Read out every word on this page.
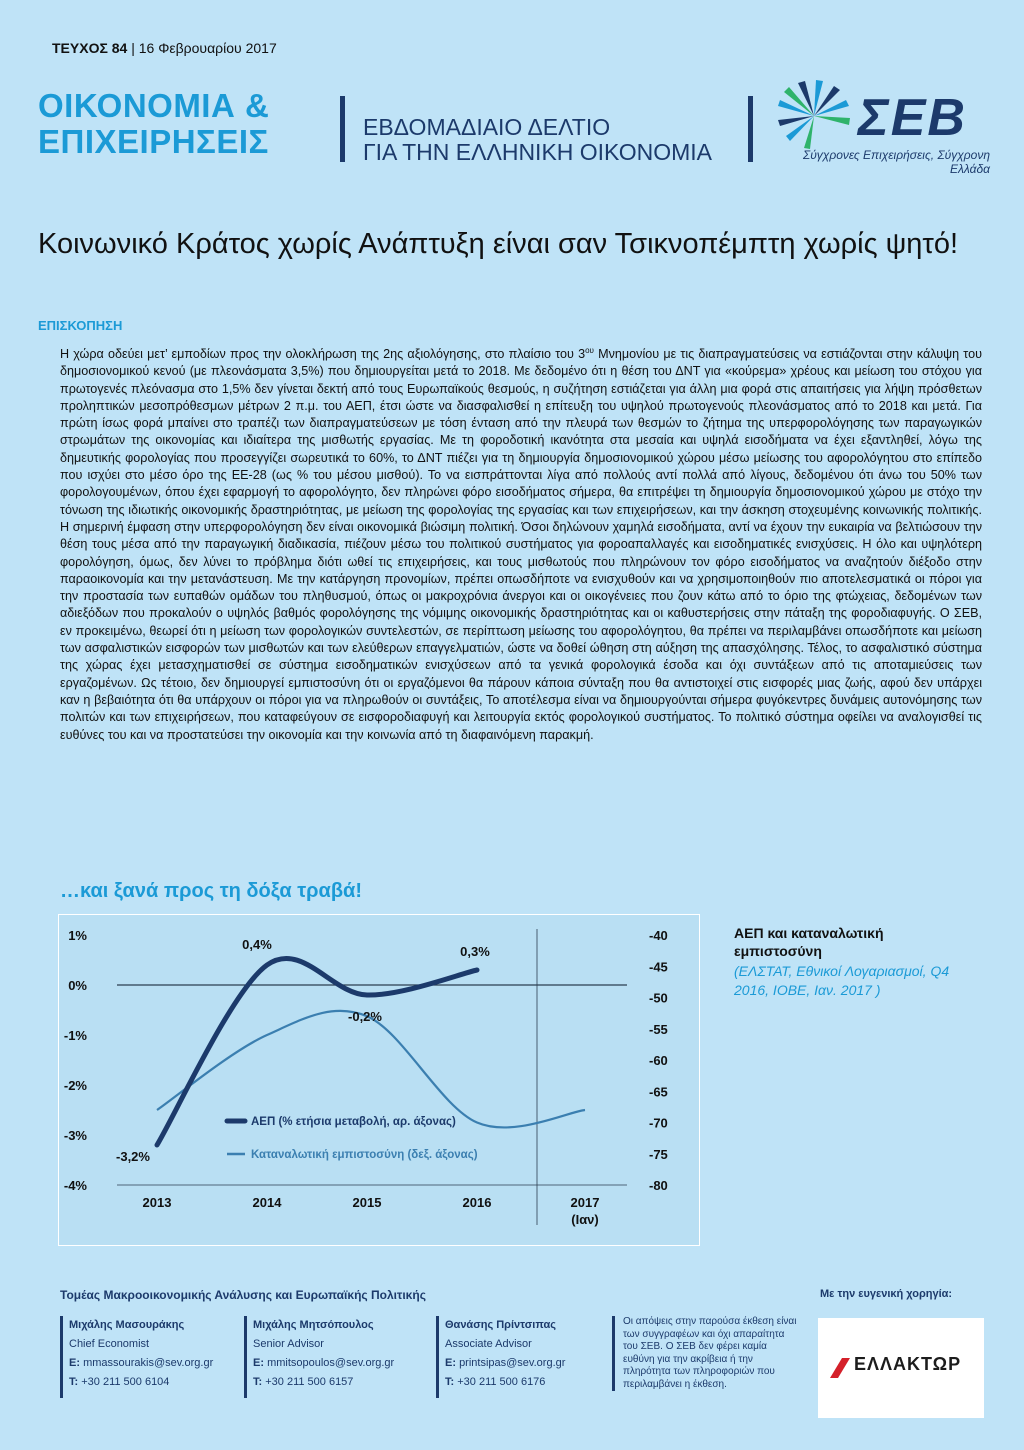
ΤΕΥΧΟΣ 84 | 16 Φεβρουαρίου 2017
ΟΙΚΟΝΟΜΙΑ &
ΕΠΙΧΕΙΡΗΣΕΙΣ	ΕΒΔΟΜΑΔΙΑΙΟ ΔΕΛΤΙΟ
ΓΙΑ ΤΗΝ ΕΛΛΗΝΙΚΗ ΟΙΚΟΝΟΜΙΑ
ΣΕΒ
Σύγχρονες Επιχειρήσεις, Σύγχρονη Ελλάδα
Κοινωνικό Κράτος χωρίς Ανάπτυξη είναι σαν Τσικνοπέμπτη χωρίς ψητό!
ΕΠΙΣΚΟΠΗΣΗ
Η χώρα οδεύει μετ’ εμποδίων προς την ολοκλήρωση της 2ης αξιολόγησης, στο πλαίσιο του $3^{o\upsilon}$ Μνημονίου με τις διαπραγματεύσεις να εστιάζονται στην κάλυψη του δημοσιονομικού κενού (με πλεονάσματα 3,5%) που δημιουργείται μετά το 2018. Με δεδομένο ότι η θέση του ΔΝΤ για «κούρεμα» χρέους και μείωση του στόχου για πρωτογενές πλεόνασμα στο 1,5% δεν γίνεται δεκτή από τους Ευρωπαϊκούς θεσμούς, η συζήτηση εστιάζεται για άλλη μια φορά στις απαιτήσεις για λήψη πρόσθετων προληπτικών μεσοπρόθεσμων μέτρων 2 π.μ. του ΑΕΠ, έτσι ώστε να διασφαλισθεί η επίτευξη του υψηλού πρωτογενούς πλεονάσματος από το 2018 και μετά. Για πρώτη ίσως φορά μπαίνει στο τραπέζι των διαπραγματεύσεων με τόση ένταση από την πλευρά των θεσμών το ζήτημα της υπερφορολόγησης των παραγωγικών στρωμάτων της οικονομίας και ιδιαίτερα της μισθωτής εργασίας. Με τη φοροδοτική ικανότητα στα μεσαία και υψηλά εισοδήματα να έχει εξαντληθεί, λόγω της δημευτικής φορολογίας που προσεγγίζει σωρευτικά το 60%, το ΔΝΤ πιέζει για τη δημιουργία δημοσιονομικού χώρου μέσω μείωσης του αφορολόγητου στο επίπεδο που ισχύει στο μέσο όρο της ΕΕ-28 (ως % του μέσου μισθού). Το να εισπράττονται λίγα από πολλούς αντί πολλά από λίγους, δεδομένου ότι άνω του 50% των φορολογουμένων, όπου έχει εφαρμογή το αφορολόγητο, δεν πληρώνει φόρο εισοδήματος σήμερα, θα επιτρέψει τη δημιουργία δημοσιονομικού χώρου με στόχο την τόνωση της ιδιωτικής οικονομικής δραστηριότητας, με μείωση της φορολογίας της εργασίας και των επιχειρήσεων, και την άσκηση στοχευμένης κοινωνικής πολιτικής. Η σημερινή έμφαση στην υπερφορολόγηση δεν είναι οικονομικά βιώσιμη πολιτική. Όσοι δηλώνουν χαμηλά εισοδήματα, αντί να έχουν την ευκαιρία να βελτιώσουν την θέση τους μέσα από την παραγωγική διαδικασία, πιέζουν μέσω του πολιτικού συστήματος για φοροαπαλλαγές και εισοδηματικές ενισχύσεις. Η όλο και υψηλότερη φορολόγηση, όμως, δεν λύνει το πρόβλημα διότι ωθεί τις επιχειρήσεις, και τους μισθωτούς που πληρώνουν τον φόρο εισοδήματος να αναζητούν διέξοδο στην παραοικονομία και την μετανάστευση. Με την κατάργηση προνομίων, πρέπει οπωσδήποτε να ενισχυθούν και να χρησιμοποιηθούν πιο αποτελεσματικά οι πόροι για την προστασία των ευπαθών ομάδων του πληθυσμού, όπως οι μακροχρόνια άνεργοι και οι οικογένειες που ζουν κάτω από το όριο της φτώχειας, δεδομένων των αδιεξόδων που προκαλούν ο υψηλός βαθμός φορολόγησης της νόμιμης οικονομικής δραστηριότητας και οι καθυστερήσεις στην πάταξη της φοροδιαφυγής. Ο ΣΕΒ, εν προκειμένω, θεωρεί ότι η μείωση των φορολογικών συντελεστών, σε περίπτωση μείωσης του αφορολόγητου, θα πρέπει να περιλαμβάνει οπωσδήποτε και μείωση των ασφαλιστικών εισφορών των μισθωτών και των ελεύθερων επαγγελματιών, ώστε να δοθεί ώθηση στη αύξηση της απασχόλησης. Τέλος, το ασφαλιστικό σύστημα της χώρας έχει μετασχηματισθεί σε σύστημα εισοδηματικών ενισχύσεων από τα γενικά φορολογικά έσοδα και όχι συντάξεων από τις αποταμιεύσεις των εργαζομένων. Ως τέτοιο, δεν δημιουργεί εμπιστοσύνη ότι οι εργαζόμενοι θα πάρουν κάποια σύνταξη που θα αντιστοιχεί στις εισφορές μιας ζωής, αφού δεν υπάρχει καν η βεβαιότητα ότι θα υπάρχουν οι πόροι για να πληρωθούν οι συντάξεις, Το αποτέλεσμα είναι να δημιουργούνται σήμερα φυγόκεντρες δυνάμεις αυτονόμησης των πολιτών και των επιχειρήσεων, που καταφεύγουν σε εισφοροδιαφυγή και λειτουργία εκτός φορολογικού συστήματος. Το πολιτικό σύστημα οφείλει να αναλογισθεί τις ευθύνες του και να προστατεύσει την οικονομία και την κοινωνία από τη διαφαινόμενη παρακμή.
…και ξανά προς τη δόξα τραβά!
1%
0%
-1%
-2%
-3%
-4%
-40
-45
-50
-55
-60
-65
-70
-75
-80
2013	2014	2015	2016	2017
(Ιαν)
-3,2%
0,4%
-0,2%
0,3%
ΑΕΠ (% ετήσια μεταβολή, αρ. άξονας)
Καταναλωτική εμπιστοσύνη (δεξ. άξονας)
ΑΕΠ και καταναλωτική εμπιστοσύνη
(ΕΛΣΤΑΤ, Εθνικοί Λογαριασμοί, Q4 2016, ΙΟΒΕ, Ιαν. 2017 )
Τομέας Μακροοικονομικής Ανάλυσης και Ευρωπαϊκής Πολιτικής	Με την ευγενική χορηγία:
Μιχάλης Μασουράκης
Chief Economist
E: mmassourakis@sev.org.gr
T: +30 211 500 6104
Μιχάλης Μητσόπουλος
Senior Advisor
E: mmitsopoulos@sev.org.gr
T: +30 211 500 6157
Θανάσης Πρίντσιπας
Associate Advisor
E: printsipas@sev.org.gr
T: +30 211 500 6176
Οι απόψεις στην παρούσα έκθεση είναι των συγγραφέων και όχι απαραίτητα του ΣΕΒ. Ο ΣΕΒ δεν φέρει καμία ευθύνη για την ακρίβεια ή την πληρότητα των πληροφοριών που περιλαμβάνει η έκθεση.
ΕΛΛΑΚΤΩΡ
